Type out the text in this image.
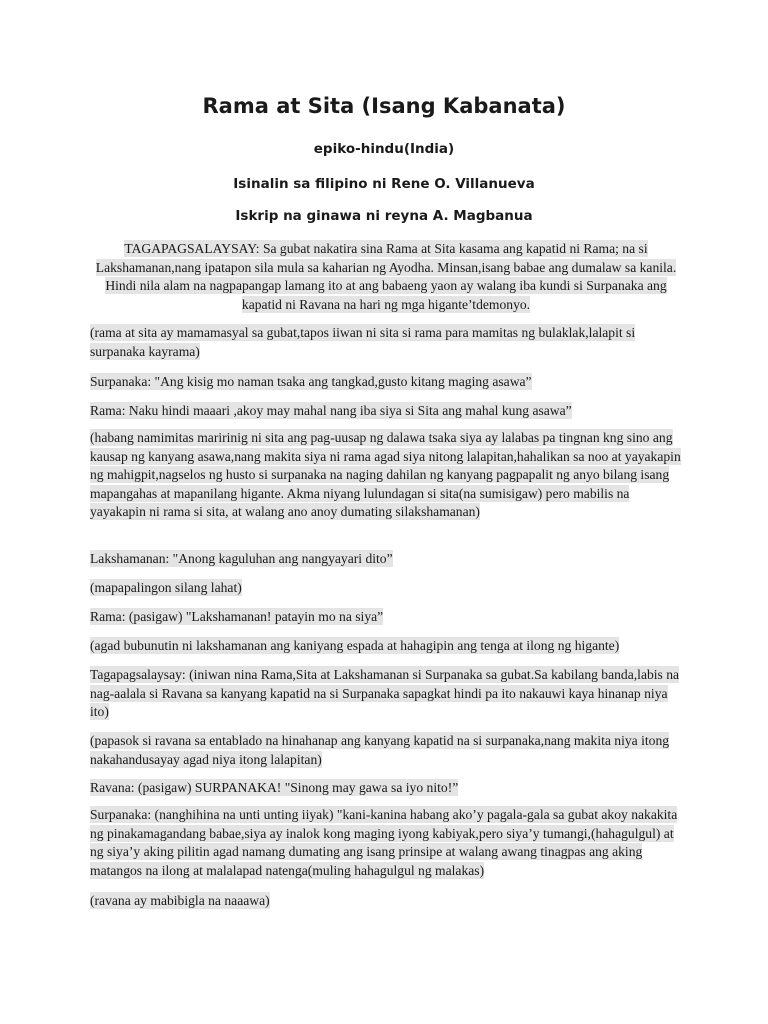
Rama at Sita (Isang Kabanata)

epiko-hindu(India)

Isinalin sa filipino ni Rene O. Villanueva

Iskrip na ginawa ni reyna A. Magbanua

TAGAPAGSALAYSAY: Sa gubat nakatira sina Rama at Sita kasama ang kapatid ni Rama; na si Lakshamanan,nang ipatapon sila mula sa kaharian ng Ayodha. Minsan,isang babae ang dumalaw sa kanila. Hindi nila alam na nagpapangap lamang ito at ang babaeng yaon ay walang iba kundi si Surpanaka ang kapatid ni Ravana na hari ng mga higante’tdemonyo.

(rama at sita ay mamamasyal sa gubat,tapos iiwan ni sita si rama para mamitas ng bulaklak,lalapit si surpanaka kayrama)

Surpanaka: "Ang kisig mo naman tsaka ang tangkad,gusto kitang maging asawa”

Rama: Naku hindi maaari ,akoy may mahal nang iba siya si Sita ang mahal kung asawa”

(habang namimitas maririnig ni sita ang pag-uusap ng dalawa tsaka siya ay lalabas pa tingnan kng sino ang kausap ng kanyang asawa,nang makita siya ni rama agad siya nitong lalapitan,hahalikan sa noo at yayakapin ng mahigpit,nagselos ng husto si surpanaka na naging dahilan ng kanyang pagpapalit ng anyo bilang isang mapangahas at mapanilang higante. Akma niyang lulundagan si sita(na sumisigaw) pero mabilis na yayakapin ni rama si sita, at walang ano anoy dumating silakshamanan)

Lakshamanan: "Anong kaguluhan ang nangyayari dito”

(mapapalingon silang lahat)

Rama: (pasigaw) "Lakshamanan! patayin mo na siya”

(agad bubunutin ni lakshamanan ang kaniyang espada at hahagipin ang tenga at ilong ng higante)

Tagapagsalaysay: (iniwan nina Rama,Sita at Lakshamanan si Surpanaka sa gubat.Sa kabilang banda,labis na nag-aalala si Ravana sa kanyang kapatid na si Surpanaka sapagkat hindi pa ito nakauwi kaya hinanap niya ito)

(papasok si ravana sa entablado na hinahanap ang kanyang kapatid na si surpanaka,nang makita niya itong nakahandusayay agad niya itong lalapitan)

Ravana: (pasigaw) SURPANAKA! "Sinong may gawa sa iyo nito!”

Surpanaka: (nanghihina na unti unting iiyak) "kani-kanina habang ako’y pagala-gala sa gubat akoy nakakita ng pinakamagandang babae,siya ay inalok kong maging iyong kabiyak,pero siya’y tumangi,(hahagulgul) at ng siya’y aking pilitin agad namang dumating ang isang prinsipe at walang awang tinagpas ang aking matangos na ilong at malalapad natenga(muling hahagulgul ng malakas)

(ravana ay mabibigla na naaawa)
